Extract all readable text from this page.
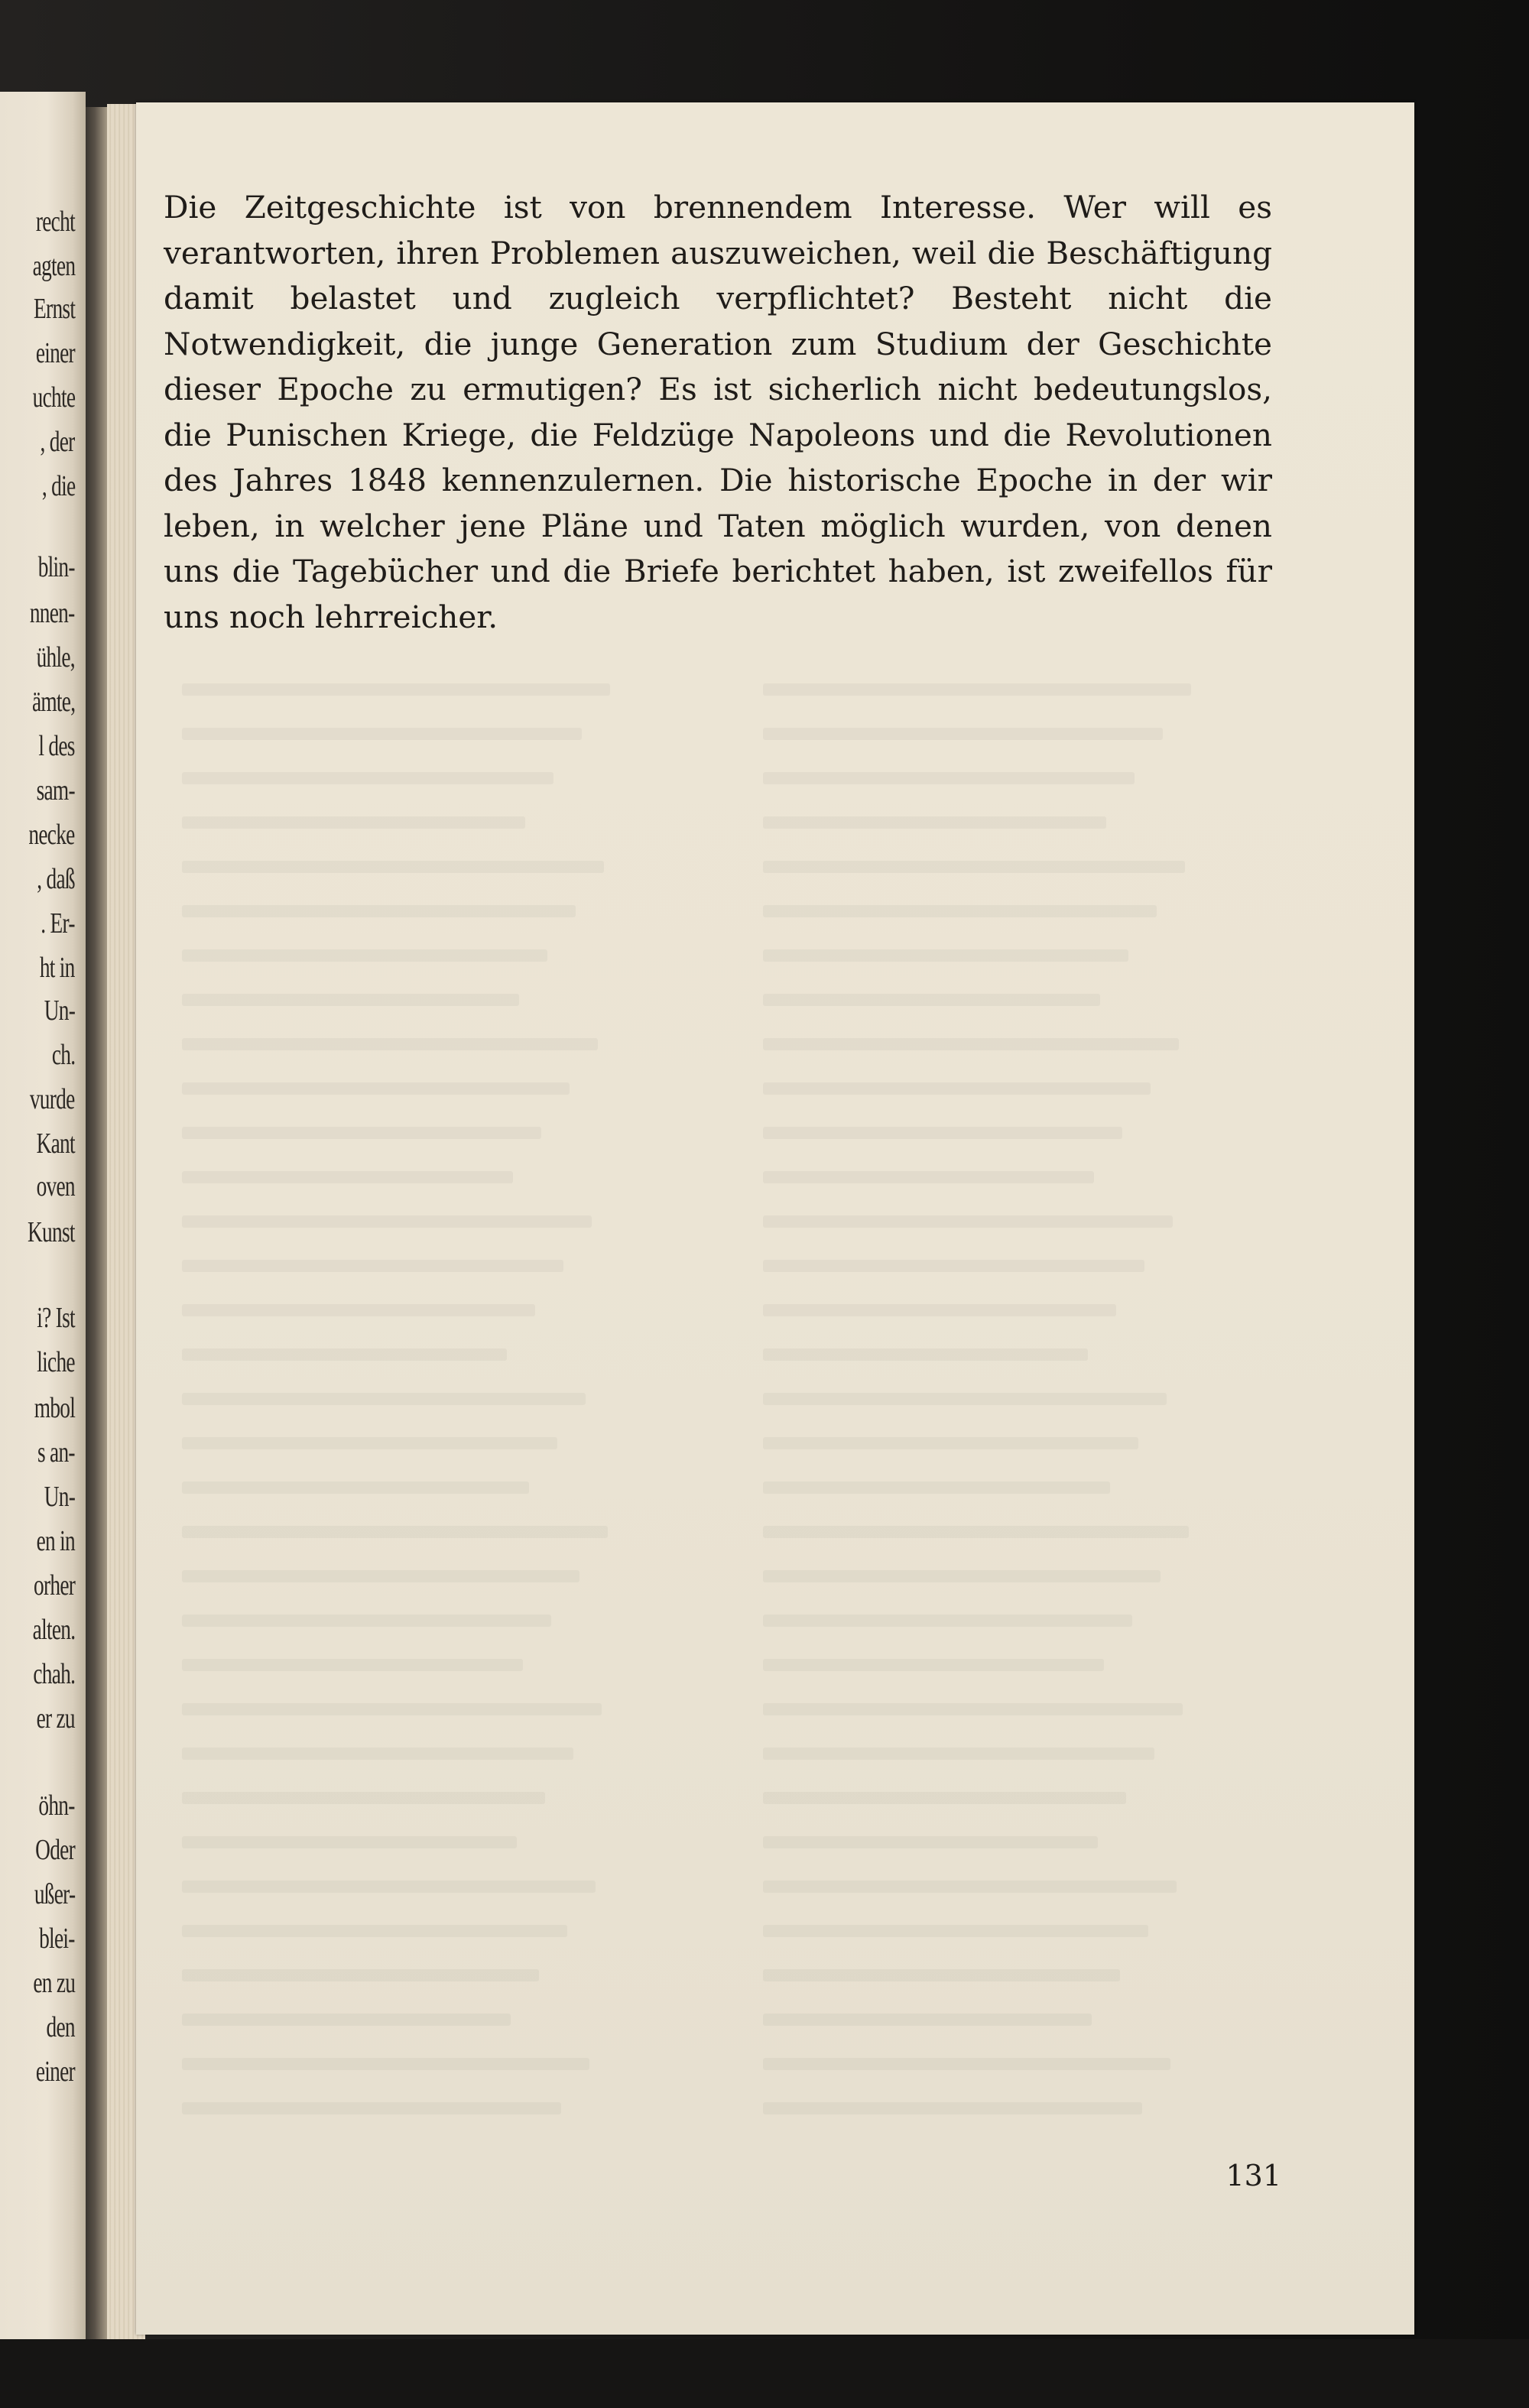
recht
agten
Ernst
einer
uchte
, der
, die
blin-
nnen-
ühle,
ämte,
l des
sam-
necke
, daß
. Er-
ht in
Un-
ch.
vurde
Kant
oven
Kunst
i? Ist
liche
mbol
s an-
Un-
en in
orher
alten.
chah.
er zu
öhn-
Oder
ußer-
blei-
en zu
den
einer

Die Zeitgeschichte ist von brennendem Interesse. Wer will es verantworten, ihren Problemen auszuweichen, weil die Beschäftigung damit belastet und zugleich verpflichtet? Besteht nicht die Notwendigkeit, die junge Generation zum Studium der Geschichte dieser Epoche zu ermutigen? Es ist sicherlich nicht bedeutungslos, die Punischen Kriege, die Feldzüge Napoleons und die Revolutionen des Jahres 1848 kennenzulernen. Die historische Epoche in der wir leben, in welcher jene Pläne und Taten möglich wurden, von denen uns die Tagebücher und die Briefe berichtet haben, ist zweifellos für uns noch lehrreicher.

131
